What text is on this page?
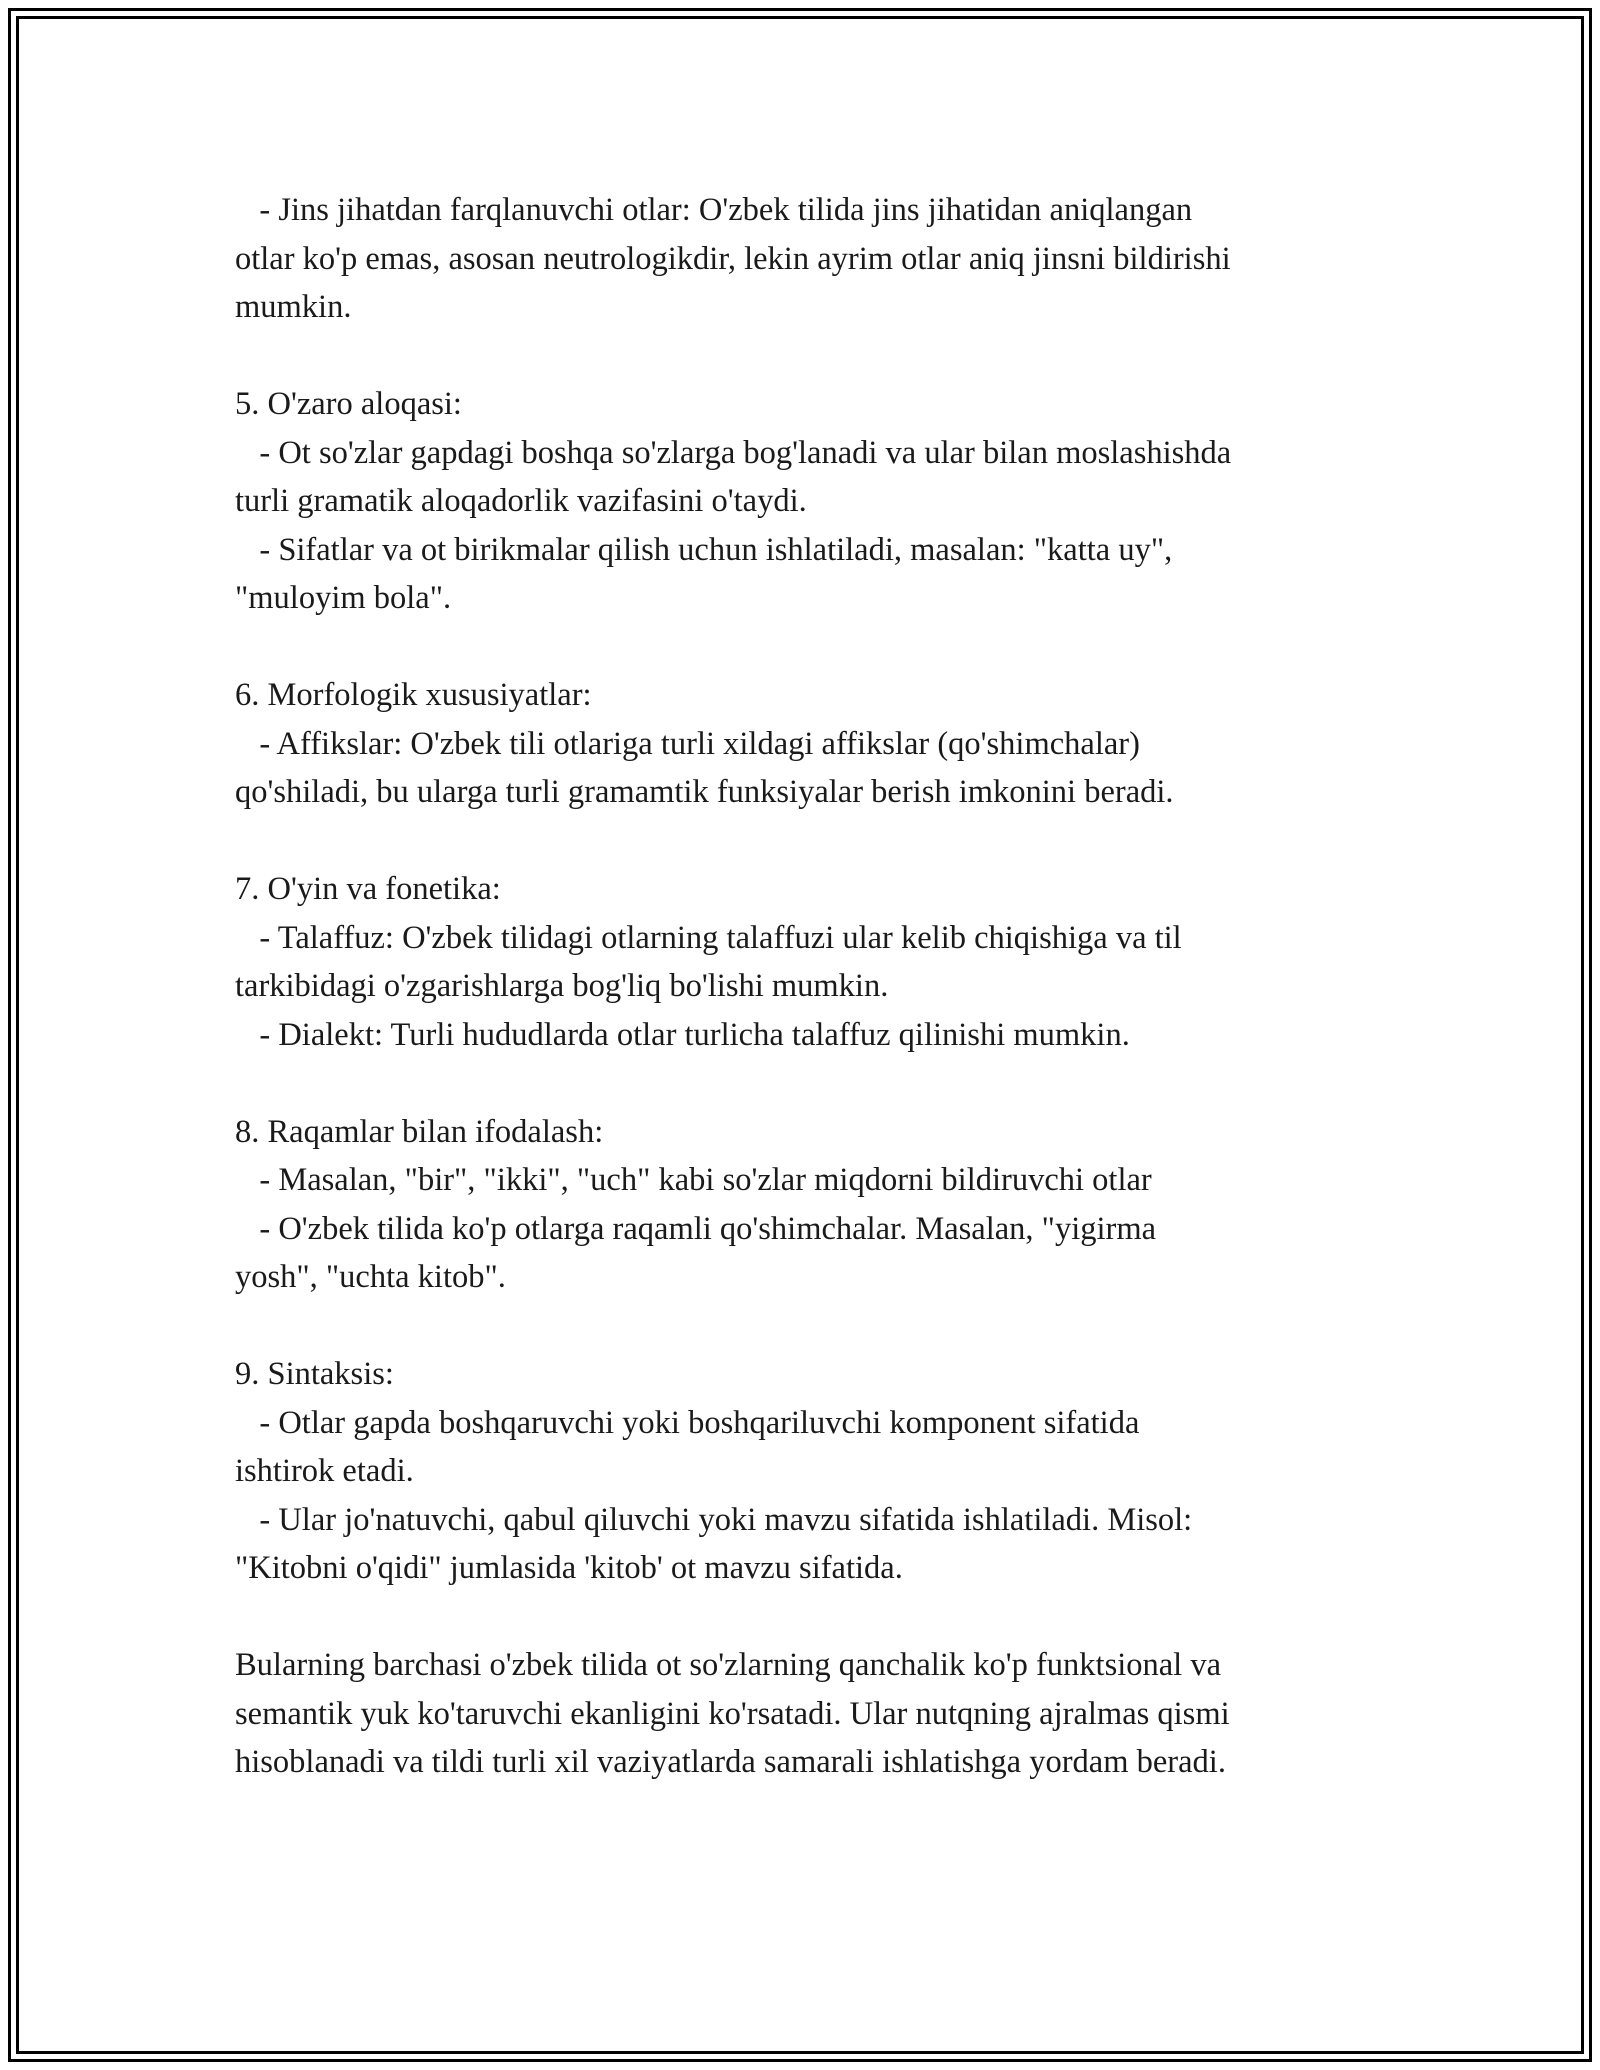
- Jins jihatdan farqlanuvchi otlar: O'zbek tilida jins jihatidan aniqlangan
otlar ko'p emas, asosan neutrologikdir, lekin ayrim otlar aniq jinsni bildirishi
mumkin.
5. O'zaro aloqasi:
- Ot so'zlar gapdagi boshqa so'zlarga bog'lanadi va ular bilan moslashishda
turli gramatik aloqadorlik vazifasini o'taydi.
- Sifatlar va ot birikmalar qilish uchun ishlatiladi, masalan: "katta uy",
"muloyim bola".
6. Morfologik xususiyatlar:
- Affikslar: O'zbek tili otlariga turli xildagi affikslar (qo'shimchalar)
qo'shiladi, bu ularga turli gramamtik funksiyalar berish imkonini beradi.
7. O'yin va fonetika:
- Talaffuz: O'zbek tilidagi otlarning talaffuzi ular kelib chiqishiga va til
tarkibidagi o'zgarishlarga bog'liq bo'lishi mumkin.
- Dialekt: Turli hududlarda otlar turlicha talaffuz qilinishi mumkin.
8. Raqamlar bilan ifodalash:
- Masalan, "bir", "ikki", "uch" kabi so'zlar miqdorni bildiruvchi otlar
- O'zbek tilida ko'p otlarga raqamli qo'shimchalar. Masalan, "yigirma
yosh", "uchta kitob".
9. Sintaksis:
- Otlar gapda boshqaruvchi yoki boshqariluvchi komponent sifatida
ishtirok etadi.
- Ular jo'natuvchi, qabul qiluvchi yoki mavzu sifatida ishlatiladi. Misol:
"Kitobni o'qidi" jumlasida 'kitob' ot mavzu sifatida.
Bularning barchasi o'zbek tilida ot so'zlarning qanchalik ko'p funktsional va
semantik yuk ko'taruvchi ekanligini ko'rsatadi. Ular nutqning ajralmas qismi
hisoblanadi va tildi turli xil vaziyatlarda samarali ishlatishga yordam beradi.
